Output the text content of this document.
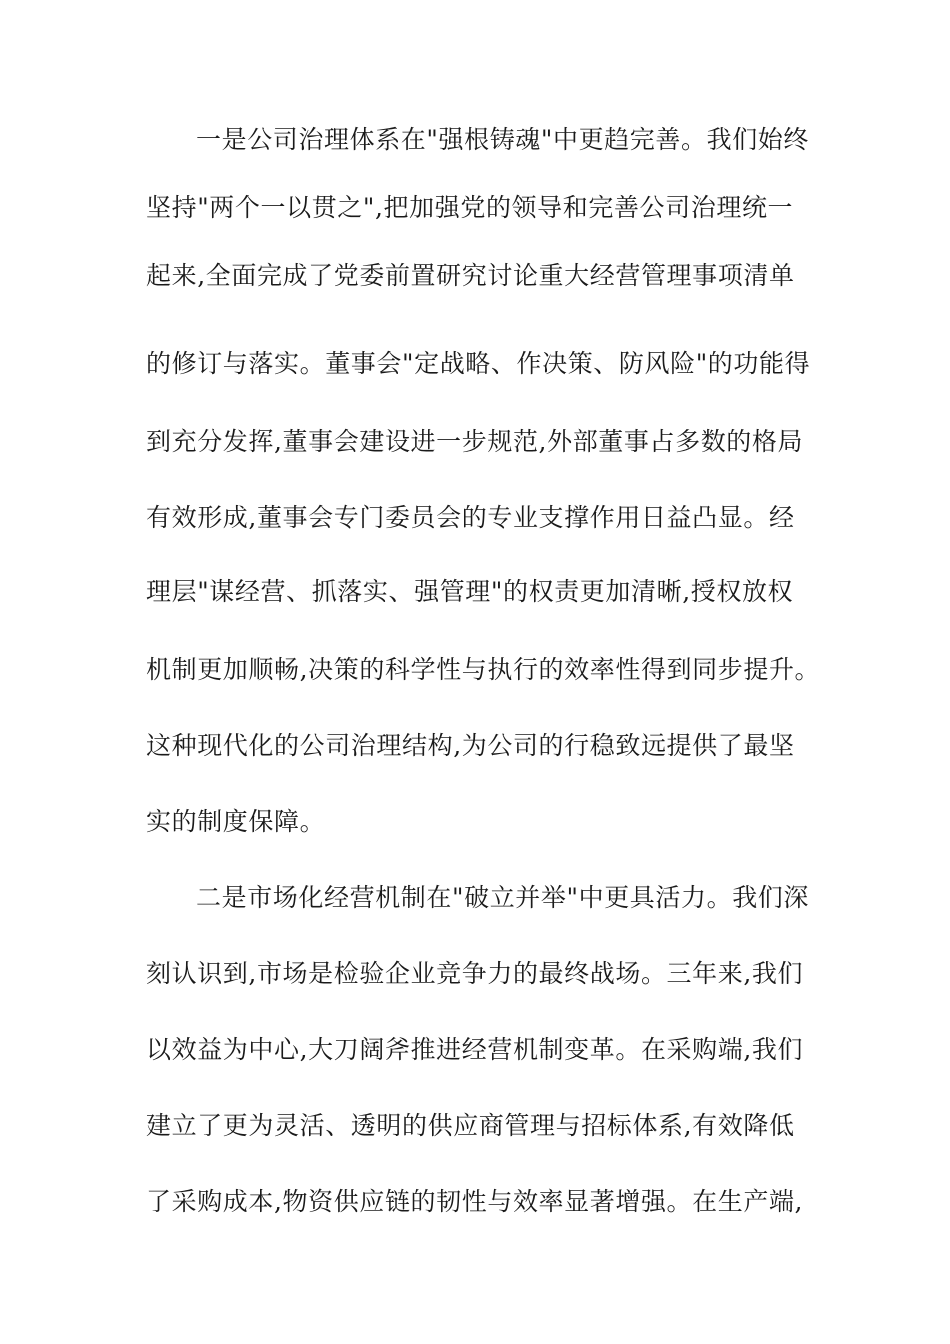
一是公司治理体系在"强根铸魂"中更趋完善。我们始终
坚持"两个一以贯之",把加强党的领导和完善公司治理统一
起来,全面完成了党委前置研究讨论重大经营管理事项清单
的修订与落实。董事会"定战略、作决策、防风险"的功能得
到充分发挥,董事会建设进一步规范,外部董事占多数的格局
有效形成,董事会专门委员会的专业支撑作用日益凸显。经
理层"谋经营、抓落实、强管理"的权责更加清晰,授权放权
机制更加顺畅,决策的科学性与执行的效率性得到同步提升。
这种现代化的公司治理结构,为公司的行稳致远提供了最坚
实的制度保障。
二是市场化经营机制在"破立并举"中更具活力。我们深
刻认识到,市场是检验企业竞争力的最终战场。三年来,我们
以效益为中心,大刀阔斧推进经营机制变革。在采购端,我们
建立了更为灵活、透明的供应商管理与招标体系,有效降低
了采购成本,物资供应链的韧性与效率显著增强。在生产端,
